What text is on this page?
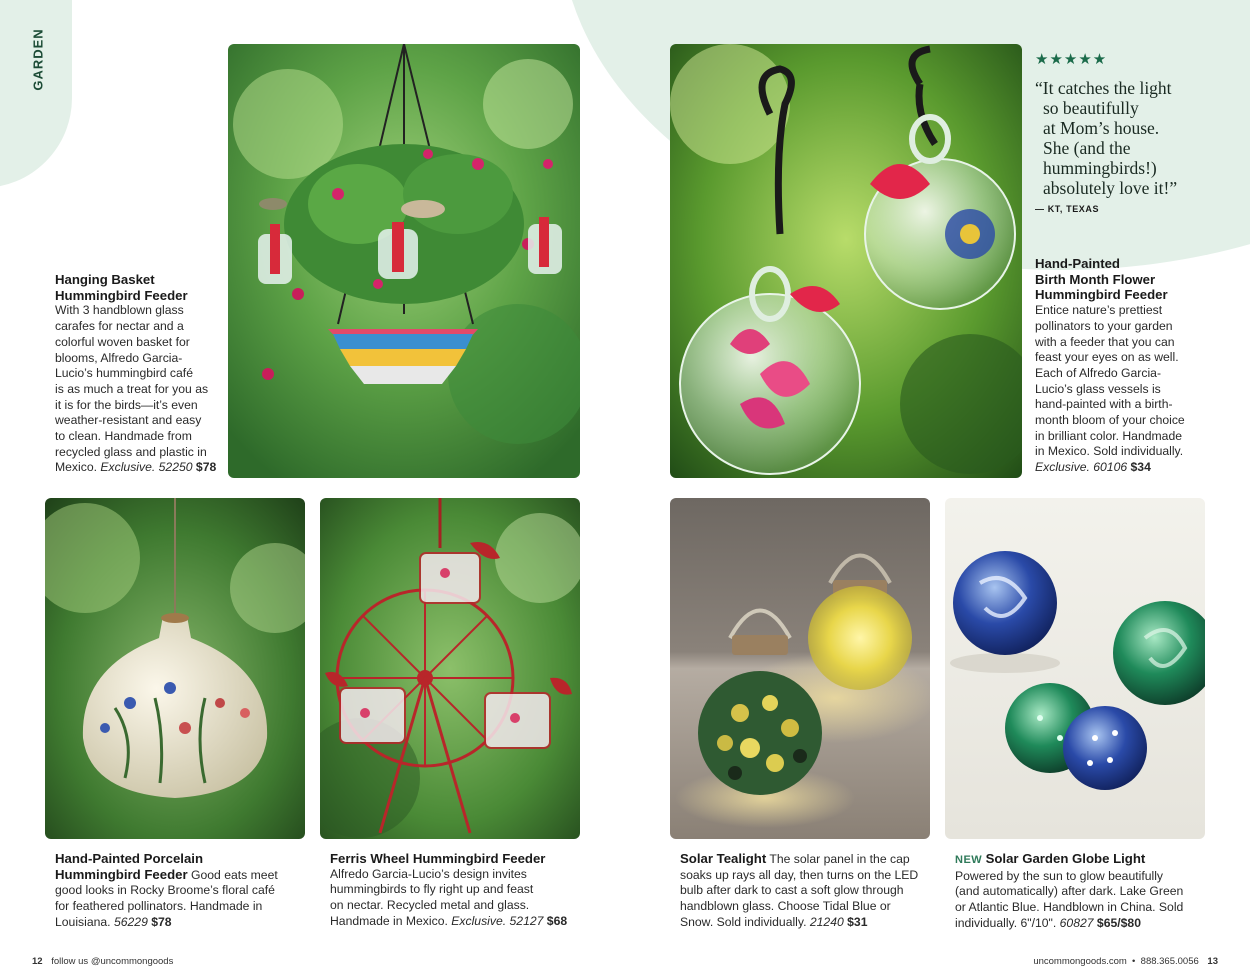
GARDEN
Hanging Basket
Hummingbird Feeder
With 3 handblown glass
carafes for nectar and a
colorful woven basket for
blooms, Alfredo Garcia-
Lucio’s hummingbird café
is as much a treat for you as
it is for the birds—it’s even
weather-resistant and easy
to clean. Handmade from
recycled glass and plastic in
Mexico. Exclusive. 52250 $78
★★★★★
“It catches the light
so beautifully
at Mom’s house.
She (and the
hummingbirds!)
absolutely love it!”
— KT, TEXAS
Hand-Painted
Birth Month Flower
Hummingbird Feeder
Entice nature’s prettiest
pollinators to your garden
with a feeder that you can
feast your eyes on as well.
Each of Alfredo Garcia-
Lucio’s glass vessels is
hand-painted with a birth-
month bloom of your choice
in brilliant color. Handmade
in Mexico. Sold individually.
Exclusive. 60106 $34
Hand-Painted Porcelain
Hummingbird Feeder Good eats meet
good looks in Rocky Broome’s floral café
for feathered pollinators. Handmade in
Louisiana. 56229 $78
Ferris Wheel Hummingbird Feeder
Alfredo Garcia-Lucio’s design invites
hummingbirds to fly right up and feast
on nectar. Recycled metal and glass.
Handmade in Mexico. Exclusive. 52127 $68
Solar Tealight The solar panel in the cap
soaks up rays all day, then turns on the LED
bulb after dark to cast a soft glow through
handblown glass. Choose Tidal Blue or
Snow. Sold individually. 21240 $31
NEW Solar Garden Globe Light
Powered by the sun to glow beautifully
(and automatically) after dark. Lake Green
or Atlantic Blue. Handblown in China. Sold
individually. 6"/10". 60827 $65/$80
12 follow us @uncommongoods	uncommongoods.com  •  888.365.0056 13
